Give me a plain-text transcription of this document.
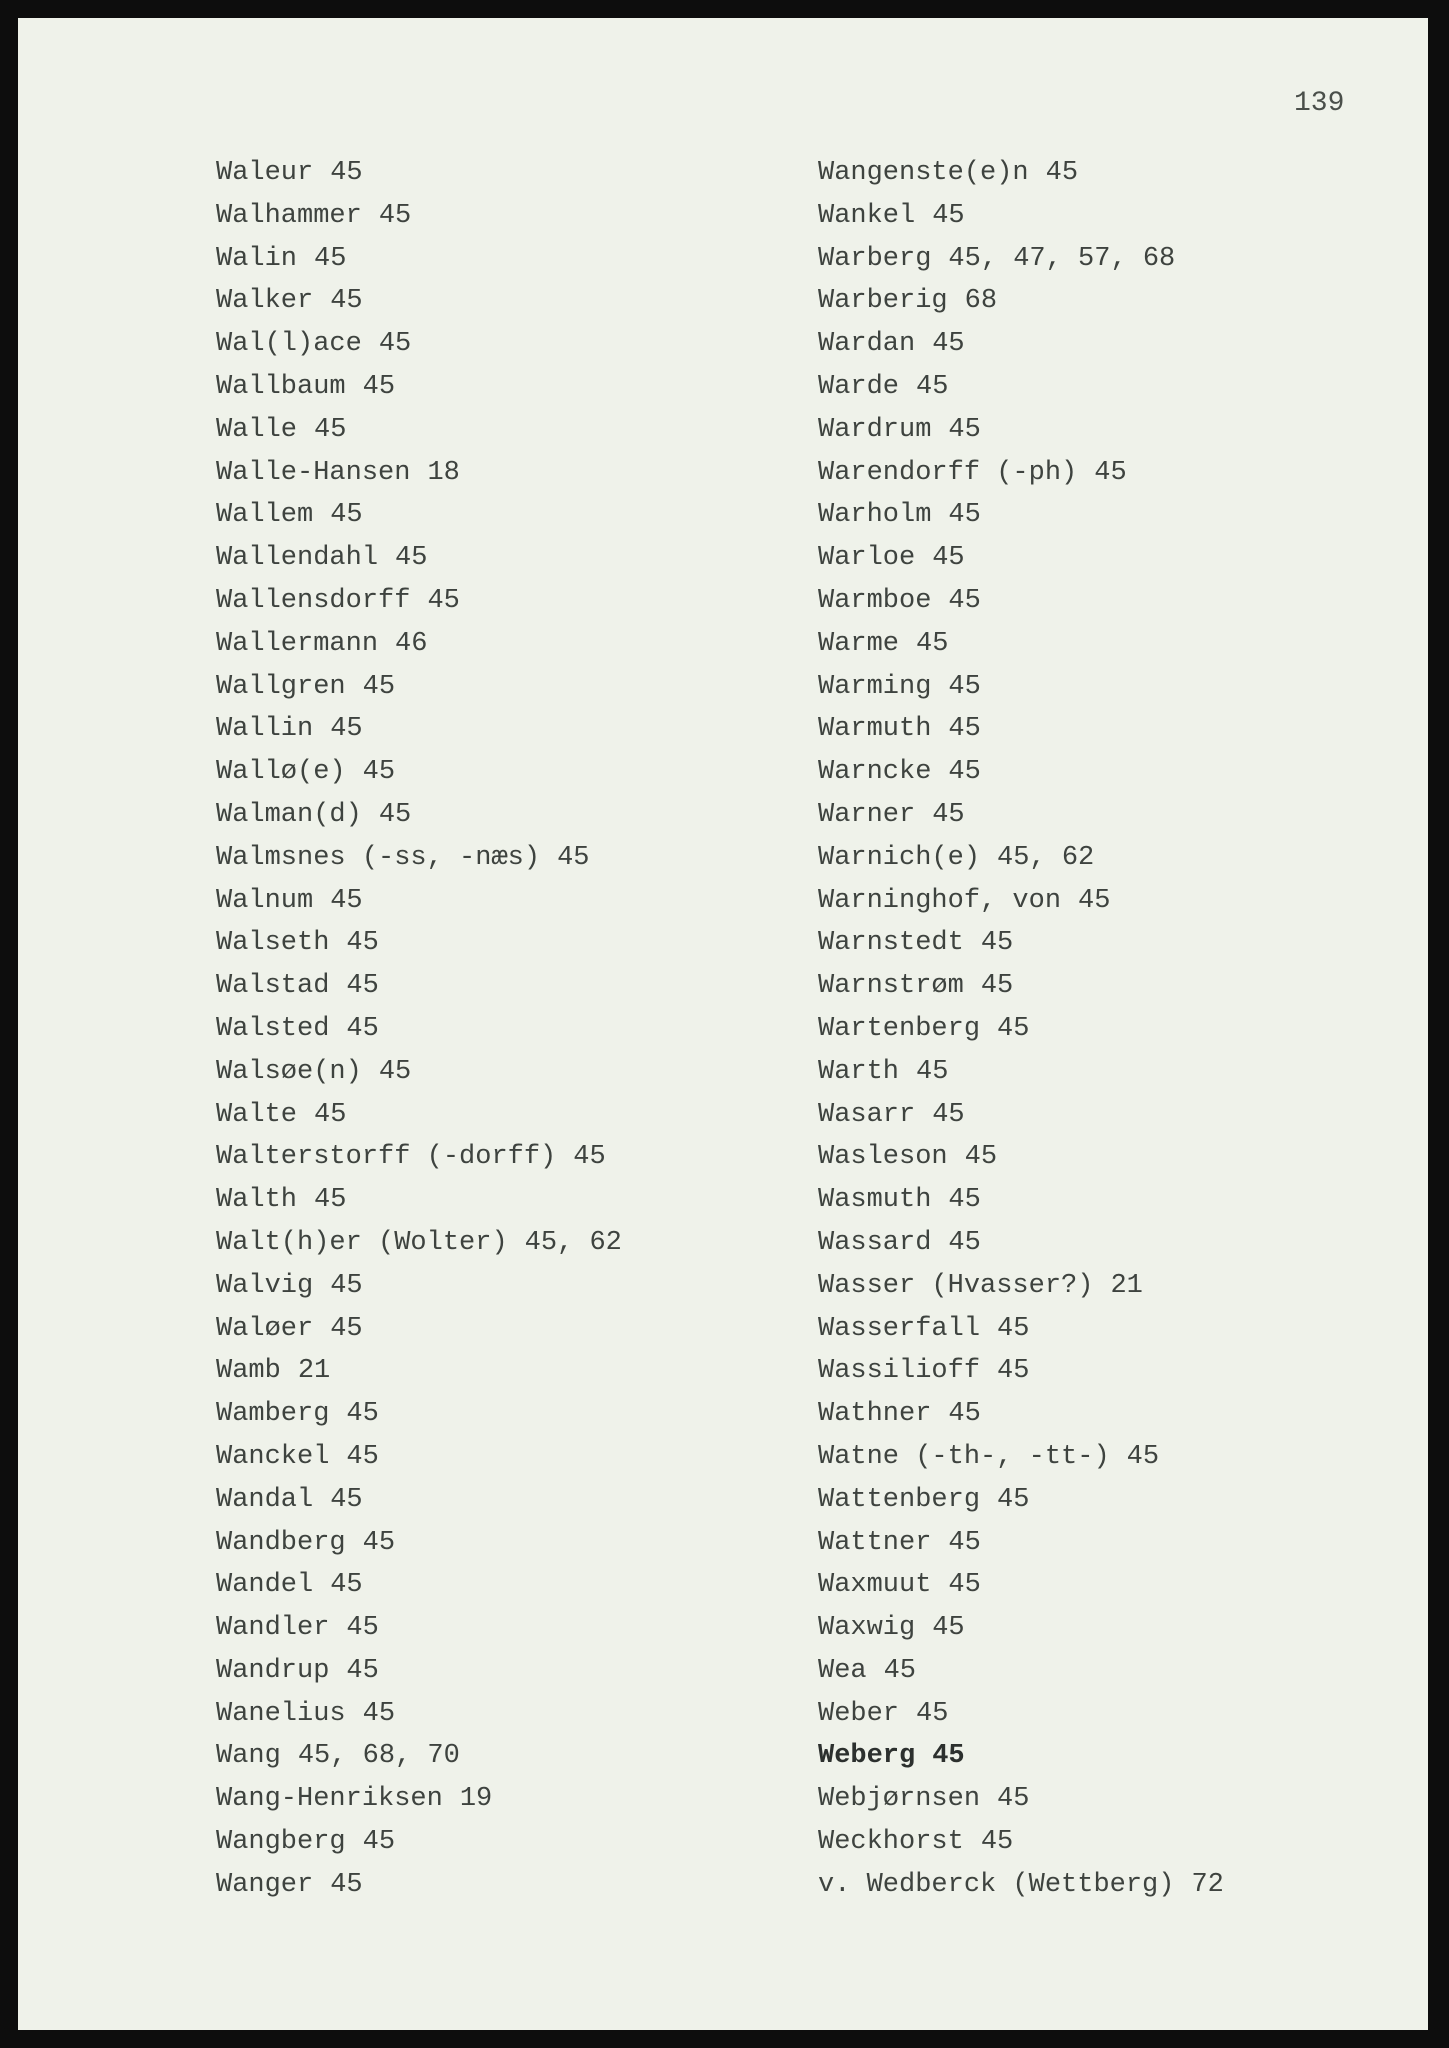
139
Waleur 45
Walhammer 45
Walin 45
Walker 45
Wal(l)ace 45
Wallbaum 45
Walle 45
Walle-Hansen 18
Wallem 45
Wallendahl 45
Wallensdorff 45
Wallermann 46
Wallgren 45
Wallin 45
Wallø(e) 45
Walman(d) 45
Walmsnes (-ss, -næs) 45
Walnum 45
Walseth 45
Walstad 45
Walsted 45
Walsøe(n) 45
Walte 45
Walterstorff (-dorff) 45
Walth 45
Walt(h)er (Wolter) 45, 62
Walvig 45
Waløer 45
Wamb 21
Wamberg 45
Wanckel 45
Wandal 45
Wandberg 45
Wandel 45
Wandler 45
Wandrup 45
Wanelius 45
Wang 45, 68, 70
Wang-Henriksen 19
Wangberg 45
Wanger 45
Wangenste(e)n 45
Wankel 45
Warberg 45, 47, 57, 68
Warberig 68
Wardan 45
Warde 45
Wardrum 45
Warendorff (-ph) 45
Warholm 45
Warloe 45
Warmboe 45
Warme 45
Warming 45
Warmuth 45
Warncke 45
Warner 45
Warnich(e) 45, 62
Warninghof, von 45
Warnstedt 45
Warnstrøm 45
Wartenberg 45
Warth 45
Wasarr 45
Wasleson 45
Wasmuth 45
Wassard 45
Wasser (Hvasser?) 21
Wasserfall 45
Wassilioff 45
Wathner 45
Watne (-th-, -tt-) 45
Wattenberg 45
Wattner 45
Waxmuut 45
Waxwig 45
Wea 45
Weber 45
Weberg 45
Webjørnsen 45
Weckhorst 45
v. Wedberck (Wettberg) 72
